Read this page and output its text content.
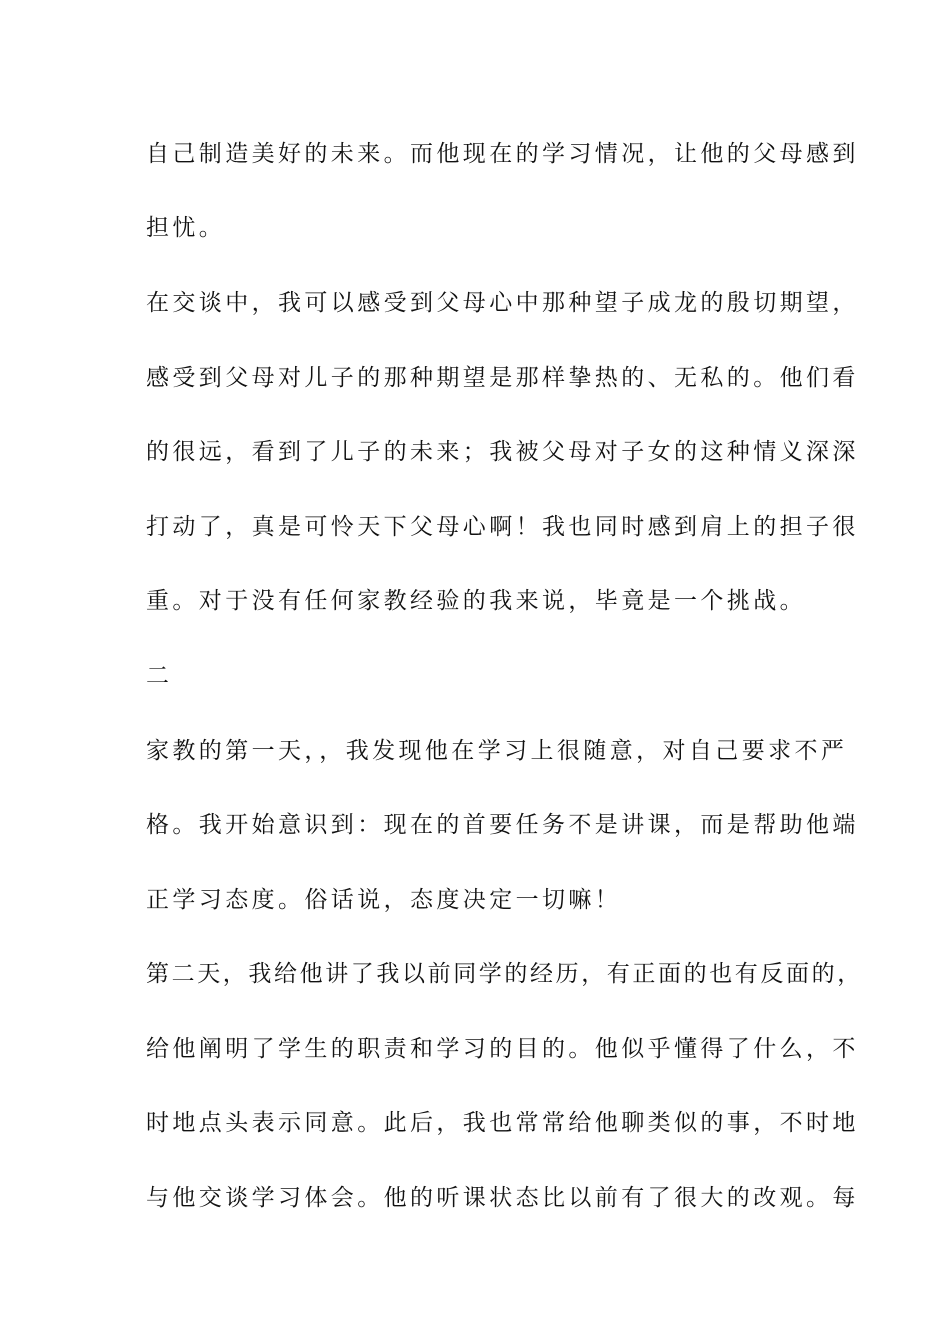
自己制造美好的未来。而他现在的学习情况，让他的父母感到
担忧。
在交谈中，我可以感受到父母心中那种望子成龙的殷切期望，
感受到父母对儿子的那种期望是那样挚热的、无私的。他们看
的很远，看到了儿子的未来；我被父母对子女的这种情义深深
打动了，真是可怜天下父母心啊！我也同时感到肩上的担子很
重。对于没有任何家教经验的我来说，毕竟是一个挑战。
二
家教的第一天，，我发现他在学习上很随意，对自己要求不严
格。我开始意识到：现在的首要任务不是讲课，而是帮助他端
正学习态度。俗话说，态度决定一切嘛！
第二天，我给他讲了我以前同学的经历，有正面的也有反面的，
给他阐明了学生的职责和学习的目的。他似乎懂得了什么，不
时地点头表示同意。此后，我也常常给他聊类似的事，不时地
与他交谈学习体会。他的听课状态比以前有了很大的改观。每
